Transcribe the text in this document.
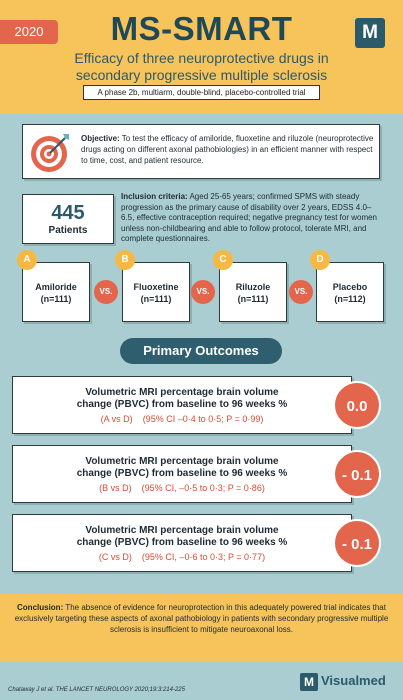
2020	MS-SMART	M
Efficacy of three neuroprotective drugs in secondary progressive multiple sclerosis
A phase 2b, multiarm, double-blind, placebo-controlled trial
Objective: To test the efficacy of amiloride, fluoxetine and riluzole (neuroprotective drugs acting on different axonal pathobiologies) in an efficient manner with respect to time, cost, and patient resource.
445
Patients
Inclusion criteria: Aged 25-65 years; confirmed SPMS with steady progression as the primary cause of disability over 2 years, EDSS 4.0–6.5, effective contraception required; negative pregnancy test for women unless non-childbearing and able to follow protocol, tolerate MRI, and complete questionnaires.
A
Amiloride
(n=111)
VS.
B
Fluoxetine
(n=111)
VS.
C
Riluzole
(n=111)
VS.
D
Placebo
(n=112)
Primary Outcomes
Volumetric MRI percentage brain volume
change (PBVC) from baseline to 96 weeks %
(A vs D) (95% CI –0·4 to 0·5; P = 0·99)
0.0
Volumetric MRI percentage brain volume
change (PBVC) from baseline to 96 weeks %
(B vs D) (95% CI, –0·5 to 0·3; P = 0·86)
- 0.1
Volumetric MRI percentage brain volume
change (PBVC) from baseline to 96 weeks %
(C vs D) (95% CI, –0·6 to 0·3; P = 0·77)
- 0.1
Conclusion: The absence of evidence for neuroprotection in this adequately powered trial indicates that exclusively targeting these aspects of axonal pathobiology in patients with secondary progressive multiple sclerosis is insufficient to mitigate neuroaxonal loss.
Chataway J et al. THE LANCET NEUROLOGY 2020;19:3:214-225
M Visualmed
